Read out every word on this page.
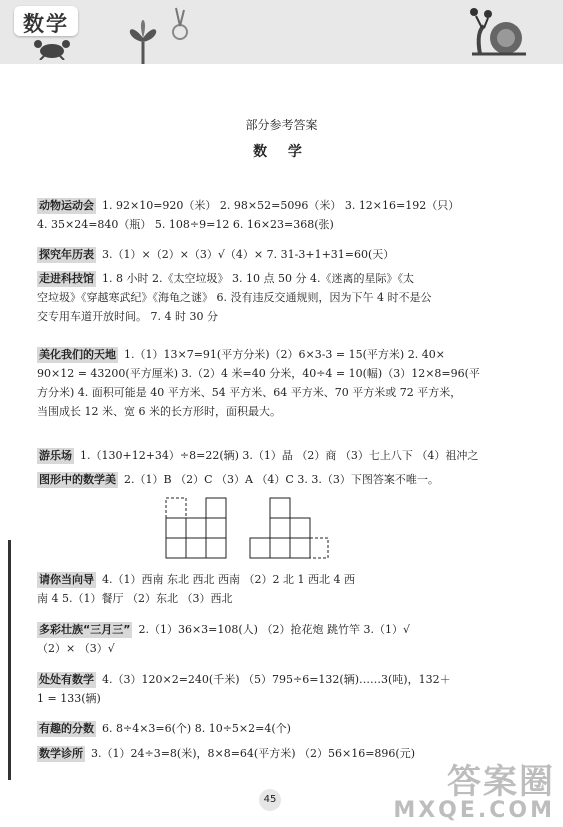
数学
部分参考答案
数 学
动物运动会 1. 92×10=920（米） 2. 98×52=5096（米） 3. 12×16=192（只）
4. 35×24=840（瓶） 5. 108÷9=12 6. 16×23=368(张)
探究年历表 3.（1）×（2）×（3）√（4）× 7. 31-3+1+31=60(天）
走进科技馆 1. 8 小时 2.《太空垃圾》 3. 10 点 50 分 4.《迷离的星际》《太
空垃圾》《穿越寒武纪》《海龟之谜》 6. 没有违反交通规则，因为下午 4 时不是公
交专用车道开放时间。 7. 4 时 30 分
美化我们的天地 1.（1）13×7=91(平方分米)（2）6×3-3 = 15(平方米) 2. 40×
90×12 = 43200(平方厘米) 3.（2）4 米=40 分米，40÷4 = 10(幅)（3）12×8=96(平
方分米) 4. 面积可能是 40 平方米、54 平方米、64 平方米、70 平方米或 72 平方米，
当围成长 12 米、宽 6 米的长方形时，面积最大。
游乐场 1.（130+12+34）÷8=22(辆) 3.（1）晶 （2）商 （3）七上八下 （4）祖冲之
图形中的数学美 2.（1）B （2）C （3）A （4）C 3. 3.（3）下图答案不唯一。
请你当向导 4.（1）西南 东北 西北 西南 （2）2 北 1 西北 4 西
南 4 5.（1）餐厅 （2）东北 （3）西北
多彩壮族“三月三” 2.（1）36×3=108(人) （2）抢花炮 跳竹竿 3.（1）√
（2）× （3）√
处处有数学 4.（3）120×2=240(千米) （5）795÷6=132(辆)……3(吨)，132＋
1 = 133(辆)
有趣的分数 6. 8÷4×3=6(个) 8. 10÷5×2=4(个)
数学诊所 3.（1）24÷3=8(米)，8×8=64(平方米) （2）56×16=896(元)
45	答案圈
MXQE.COM
